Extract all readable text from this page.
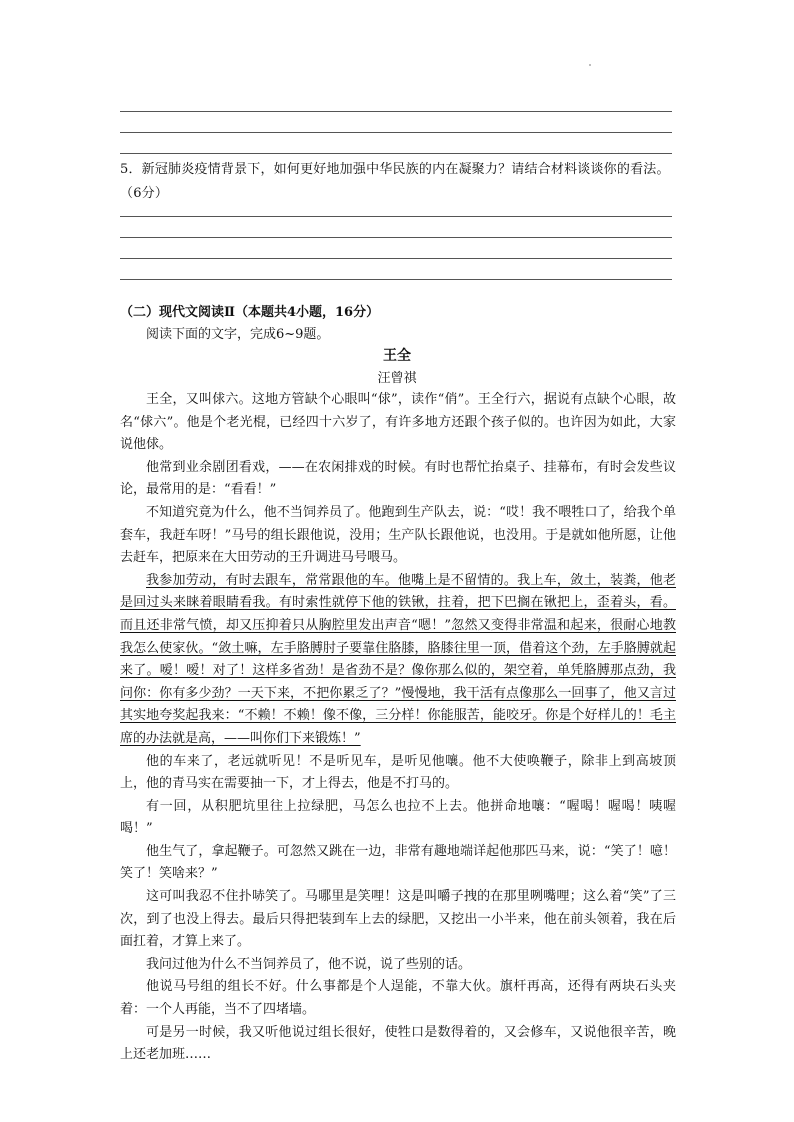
5．新冠肺炎疫情背景下，如何更好地加强中华民族的内在凝聚力？请结合材料谈谈你的看法。（6分）
（二）现代文阅读Ⅱ（本题共4小题，16分）
阅读下面的文字，完成6~9题。
王全
汪曾祺

王全，又叫俅六。这地方管缺个心眼叫“俅”，读作“俏”。王全行六，据说有点缺个心眼，故名“俅六”。他是个老光棍，已经四十六岁了，有许多地方还跟个孩子似的。也许因为如此，大家说他俅。

他常到业余剧团看戏，——在农闲排戏的时候。有时也帮忙抬桌子、挂幕布，有时会发些议论，最常用的是：“看看！”

不知道究竟为什么，他不当饲养员了。他跑到生产队去，说：“哎！我不喂牲口了，给我个单套车，我赶车呀！”马号的组长跟他说，没用；生产队长跟他说，也没用。于是就如他所愿，让他去赶车，把原来在大田劳动的王升调进马号喂马。

我参加劳动，有时去跟车，常常跟他的车。他嘴上是不留情的。我上车，敛土，装粪，他老是回过头来睐着眼睛看我。有时索性就停下他的铁锹，拄着，把下巴搁在锹把上，歪着头，看。而且还非常气愤，却又压抑着只从胸腔里发出声音“嗯！”忽然又变得非常温和起来，很耐心地教我怎么使家伙。“敛土嘛，左手胳膊肘子要靠住胳膝，胳膝往里一顶，借着这个劲，左手胳膊就起来了。嗳！嗳！对了！这样多省劲！是省劲不是？像你那么似的，架空着，单凭胳膊那点劲，我问你：你有多少劲？一天下来，不把你累乏了？”慢慢地，我干活有点像那么一回事了，他又言过其实地夸奖起我来：“不赖！不赖！像不像，三分样！你能服苦，能咬牙。你是个好样儿的！毛主席的办法就是高，——叫你们下来锻炼！”

他的车来了，老远就听见！不是听见车，是听见他嚷。他不大使唤鞭子，除非上到高坡顶上，他的青马实在需要抽一下，才上得去，他是不打马的。

有一回，从积肥坑里往上拉绿肥，马怎么也拉不上去。他拼命地嚷：“喔喝！喔喝！咦喔喝！”

他生气了，拿起鞭子。可忽然又跳在一边，非常有趣地端详起他那匹马来，说：“笑了！噫！笑了！笑啥来？”

这可叫我忍不住扑哧笑了。马哪里是笑哩！这是叫嚼子拽的在那里咧嘴哩；这么着“笑”了三次，到了也没上得去。最后只得把装到车上去的绿肥，又挖出一小半来，他在前头领着，我在后面扛着，才算上来了。

我问过他为什么不当饲养员了，他不说，说了些别的话。

他说马号组的组长不好。什么事都是个人逞能，不靠大伙。旗杆再高，还得有两块石头夹着：一个人再能，当不了四堵墙。

可是另一时候，我又听他说过组长很好，使牲口是数得着的，又会修车，又说他很辛苦，晚上还老加班……
